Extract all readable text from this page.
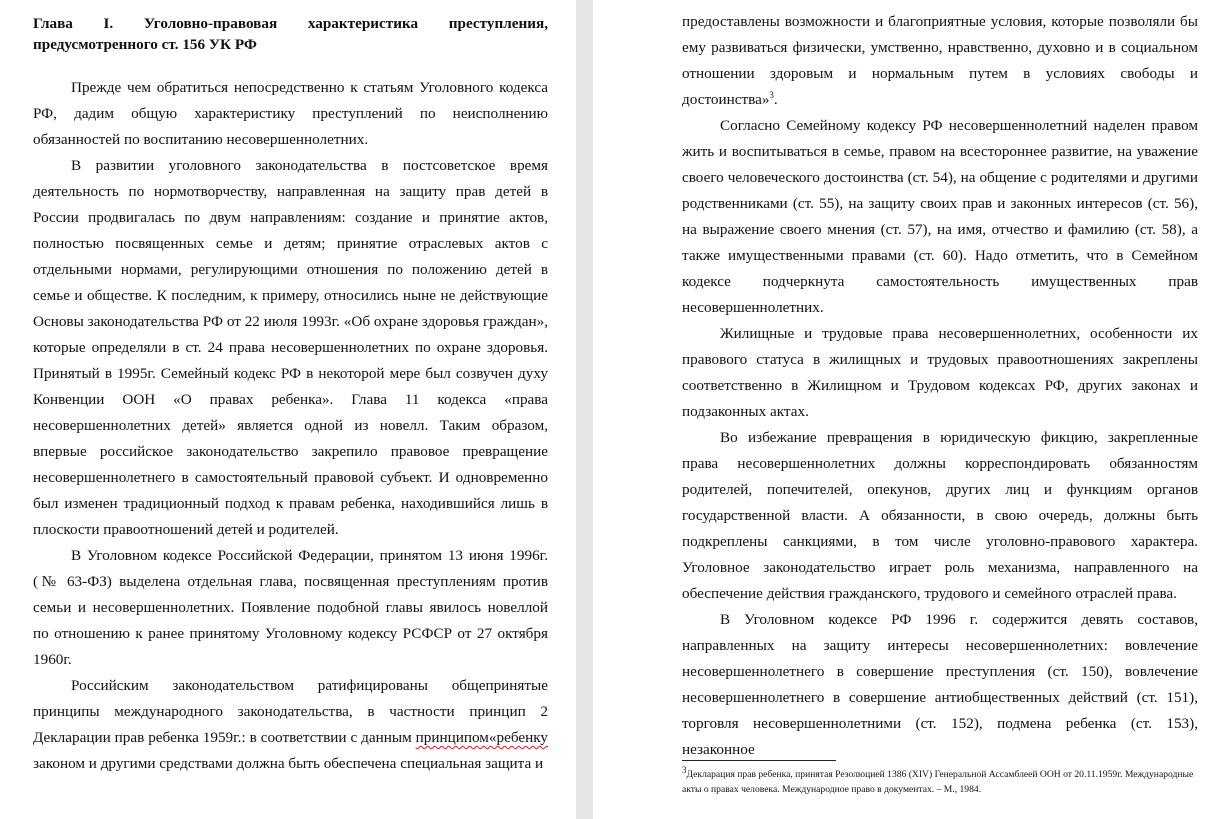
Глава I. Уголовно-правовая характеристика преступления, предусмотренного ст. 156 УК РФ

Прежде чем обратиться непосредственно к статьям Уголовного кодекса РФ, дадим общую характеристику преступлений по неисполнению обязанностей по воспитанию несовершеннолетних.

В развитии уголовного законодательства в постсоветское время деятельность по нормотворчеству, направленная на защиту прав детей в России продвигалась по двум направлениям: создание и принятие актов, полностью посвященных семье и детям; принятие отраслевых актов с отдельными нормами, регулирующими отношения по положению детей в семье и обществе. К последним, к примеру, относились ныне не действующие Основы законодательства РФ от 22 июля 1993г. «Об охране здоровья граждан», которые определяли в ст. 24 права несовершеннолетних по охране здоровья. Принятый в 1995г. Семейный кодекс РФ в некоторой мере был созвучен духу Конвенции ООН «О правах ребенка». Глава 11 кодекса «права несовершеннолетних детей» является одной из новелл. Таким образом, впервые российское законодательство закрепило правовое превращение несовершеннолетнего в самостоятельный правовой субъект. И одновременно был изменен традиционный подход к правам ребенка, находившийся лишь в плоскости правоотношений детей и родителей.

В Уголовном кодексе Российской Федерации, принятом 13 июня 1996г. (№ 63-ФЗ) выделена отдельная глава, посвященная преступлениям против семьи и несовершеннолетних. Появление подобной главы явилось новеллой по отношению к ранее принятому Уголовному кодексу РСФСР от 27 октября 1960г.

Российским законодательством ратифицированы общепринятые принципы международного законодательства, в частности принцип 2 Декларации прав ребенка 1959г.: в соответствии с данным принципом«ребенку законом и другими средствами должна быть обеспечена специальная защита и

предоставлены возможности и благоприятные условия, которые позволяли бы ему развиваться физически, умственно, нравственно, духовно и в социальном отношении здоровым и нормальным путем в условиях свободы и достоинства»$^3$.

Согласно Семейному кодексу РФ несовершеннолетний наделен правом жить и воспитываться в семье, правом на всестороннее развитие, на уважение своего человеческого достоинства (ст. 54), на общение с родителями и другими родственниками (ст. 55), на защиту своих прав и законных интересов (ст. 56), на выражение своего мнения (ст. 57), на имя, отчество и фамилию (ст. 58), а также имущественными правами (ст. 60). Надо отметить, что в Семейном кодексе подчеркнута самостоятельность имущественных прав несовершеннолетних.

Жилищные и трудовые права несовершеннолетних, особенности их правового статуса в жилищных и трудовых правоотношениях закреплены соответственно в Жилищном и Трудовом кодексах РФ, других законах и подзаконных актах.

Во избежание превращения в юридическую фикцию, закрепленные права несовершеннолетних должны корреспондировать обязанностям родителей, попечителей, опекунов, других лиц и функциям органов государственной власти. А обязанности, в свою очередь, должны быть подкреплены санкциями, в том числе уголовно-правового характера. Уголовное законодательство играет роль механизма, направленного на обеспечение действия гражданского, трудового и семейного отраслей права.

В Уголовном кодексе РФ 1996 г. содержится девять составов, направленных на защиту интересы несовершеннолетних: вовлечение несовершеннолетнего в совершение преступления (ст. 150), вовлечение несовершеннолетнего в совершение антиобщественных действий (ст. 151), торговля несовершеннолетними (ст. 152), подмена ребенка (ст. 153), незаконное

$^3$Декларация прав ребенка, принятая Резолюцией 1386 (XIV) Генеральной Ассамблеей ООН от 20.11.1959г. Международные акты о правах человека. Международное право в документах. – М., 1984.
